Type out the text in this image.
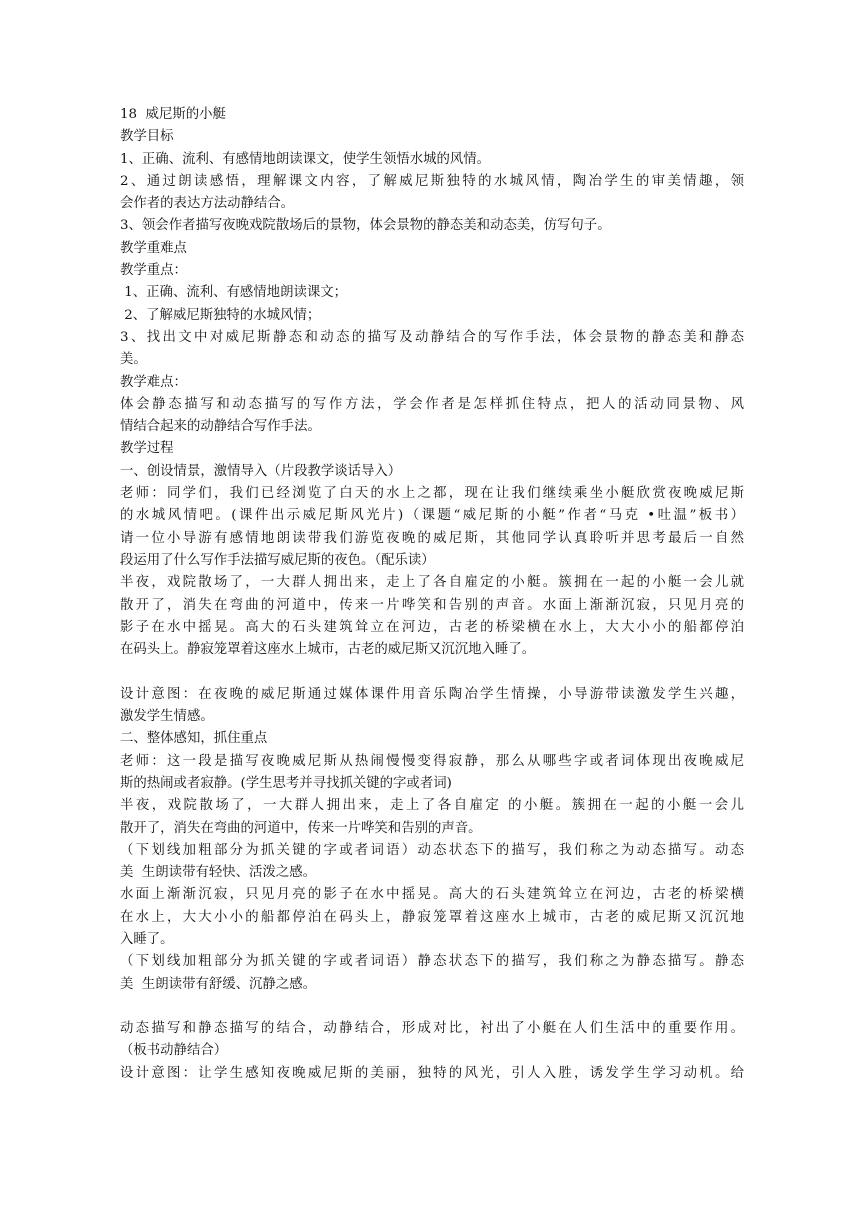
18  威尼斯的小艇
教学目标
1、正确、流利、有感情地朗读课文，使学生领悟水城的风情。
2、通过朗读感悟，理解课文内容，了解威尼斯独特的水城风情，陶冶学生的审美情趣，领
会作者的表达方法动静结合。
3、领会作者描写夜晚戏院散场后的景物，体会景物的静态美和动态美，仿写句子。
教学重难点
教学重点：
1、正确、流利、有感情地朗读课文；
2、了解威尼斯独特的水城风情；
3、找出文中对威尼斯静态和动态的描写及动静结合的写作手法，体会景物的静态美和静态
美。
教学难点：
体会静态描写和动态描写的写作方法，学会作者是怎样抓住特点，把人的活动同景物、风
情结合起来的动静结合写作手法。
教学过程
一、创设情景，激情导入（片段教学谈话导入）
老师：同学们，我们已经浏览了白天的水上之都，现在让我们继续乘坐小艇欣赏夜晚威尼斯
的水城风情吧。(课件出示威尼斯风光片)（课题“威尼斯的小艇”作者“马克 •吐温”板书）
请一位小导游有感情地朗读带我们游览夜晚的威尼斯，其他同学认真聆听并思考最后一自然
段运用了什么写作手法描写威尼斯的夜色。（配乐读）
半夜，戏院散场了，一大群人拥出来，走上了各自雇定的小艇。簇拥在一起的小艇一会儿就
散开了，消失在弯曲的河道中，传来一片哗笑和告别的声音。水面上渐渐沉寂，只见月亮的
影子在水中摇晃。高大的石头建筑耸立在河边，古老的桥梁横在水上，大大小小的船都停泊
在码头上。静寂笼罩着这座水上城市，古老的威尼斯又沉沉地入睡了。
设计意图：在夜晚的威尼斯通过媒体课件用音乐陶冶学生情操，小导游带读激发学生兴趣，
激发学生情感。
二、整体感知，抓住重点
老师：这一段是描写夜晚威尼斯从热闹慢慢变得寂静，那么从哪些字或者词体现出夜晚威尼
斯的热闹或者寂静。(学生思考并寻找抓关键的字或者词)
半夜，戏院散场了，一大群人拥出来，走上了各自雇定 的小艇。簇拥在一起的小艇一会儿
散开了，消失在弯曲的河道中，传来一片哗笑和告别的声音。
（下划线加粗部分为抓关键的字或者词语）动态状态下的描写，我们称之为动态描写。动态
美  生朗读带有轻快、活泼之感。
水面上渐渐沉寂，只见月亮的影子在水中摇晃。高大的石头建筑耸立在河边，古老的桥梁横
在水上，大大小小的船都停泊在码头上，静寂笼罩着这座水上城市，古老的威尼斯又沉沉地
入睡了。
（下划线加粗部分为抓关键的字或者词语）静态状态下的描写，我们称之为静态描写。静态
美  生朗读带有舒缓、沉静之感。
动态描写和静态描写的结合，动静结合，形成对比，衬出了小艇在人们生活中的重要作用。
（板书动静结合）
设计意图：让学生感知夜晚威尼斯的美丽，独特的风光，引人入胜，诱发学生学习动机。给
